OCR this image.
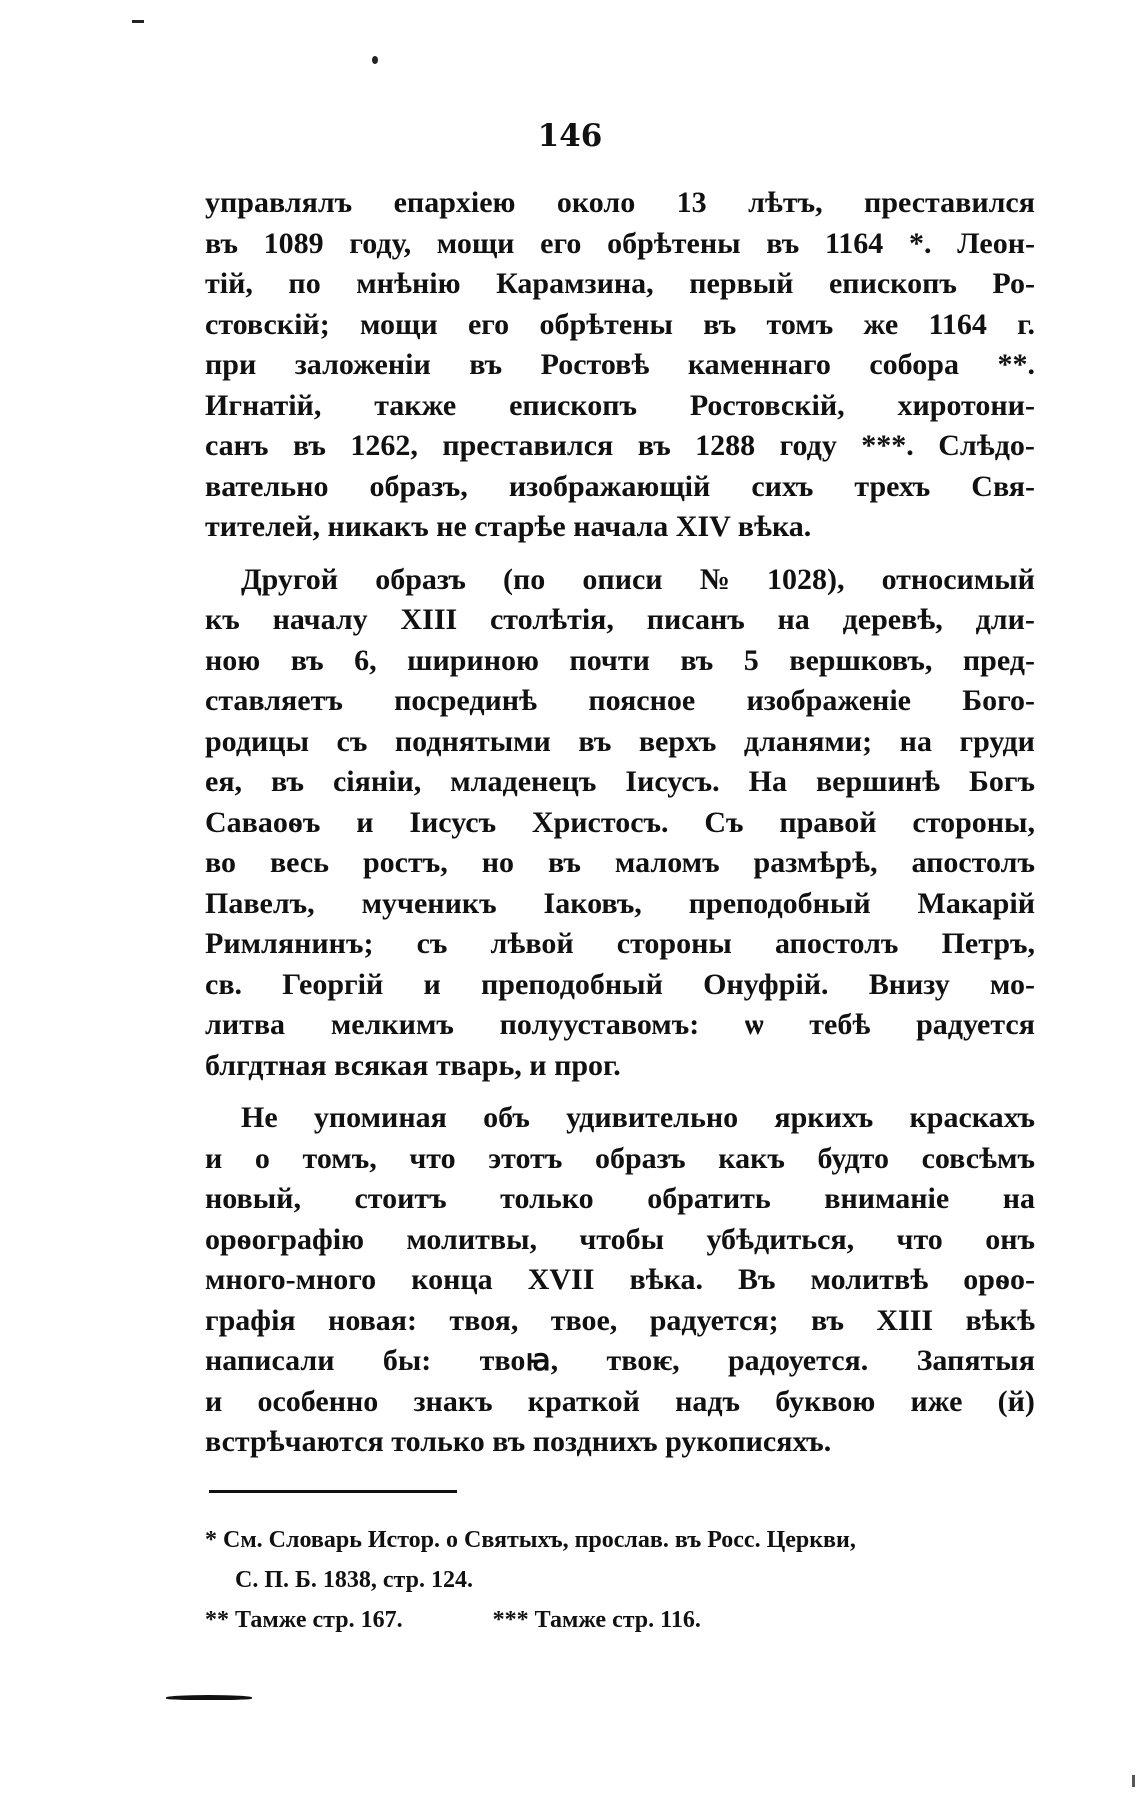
146
управлялъ епархіею около 13 лѣтъ, преставился
въ 1089 году, мощи его обрѣтены въ 1164 *. Леон-
тій, по мнѣнію Карамзина, первый епископъ Ро-
стовскій; мощи его обрѣтены въ томъ же 1164 г.
при заложеніи въ Ростовѣ каменнаго собора **.
Игнатій, также епископъ Ростовскій, хиротони-
санъ въ 1262, преставился въ 1288 году ***. Слѣдо-
вательно образъ, изображающій сихъ трехъ Свя-
тителей, никакъ не старѣе начала XIV вѣка.
Другой образъ (по описи № 1028), относимый
къ началу XIII столѣтія, писанъ на деревѣ, дли-
ною въ 6, шириною почти въ 5 вершковъ, пред-
ставляетъ посрединѣ поясное изображеніе Бого-
родицы съ поднятыми въ верхъ дланями; на груди
ея, въ сіяніи, младенецъ Іисусъ. На вершинѣ Богъ
Саваоѳъ и Іисусъ Христосъ. Съ правой стороны,
во весь ростъ, но въ маломъ размѣрѣ, апостолъ
Павелъ, мученикъ Іаковъ, преподобный Макарій
Римлянинъ; съ лѣвой стороны апостолъ Петръ,
св. Георгій и преподобный Онуфрій. Внизу мо-
литва мелкимъ полууставомъ: ѡ тебѣ радуется
блгдтная всякая тварь, и прог.
Не упоминая объ удивительно яркихъ краскахъ
и о томъ, что этотъ образъ какъ будто совсѣмъ
новый, стоитъ только обратить вниманіе на
орѳографію молитвы, чтобы убѣдиться, что онъ
много-много конца XVII вѣка. Въ молитвѣ орѳо-
графія новая: твоя, твое, радуется; въ XIII вѣкѣ
написали бы: твоꙗ, твоѥ, радоуется. Запятыя
и особенно знакъ краткой надъ буквою иже (й)
встрѣчаются только въ позднихъ рукописяхъ.
* См. Словарь Истор. о Святыхъ, прослав. въ Росс. Церкви,
С. П. Б. 1838, стр. 124.
** Тамже стр. 167.	*** Тамже стр. 116.
